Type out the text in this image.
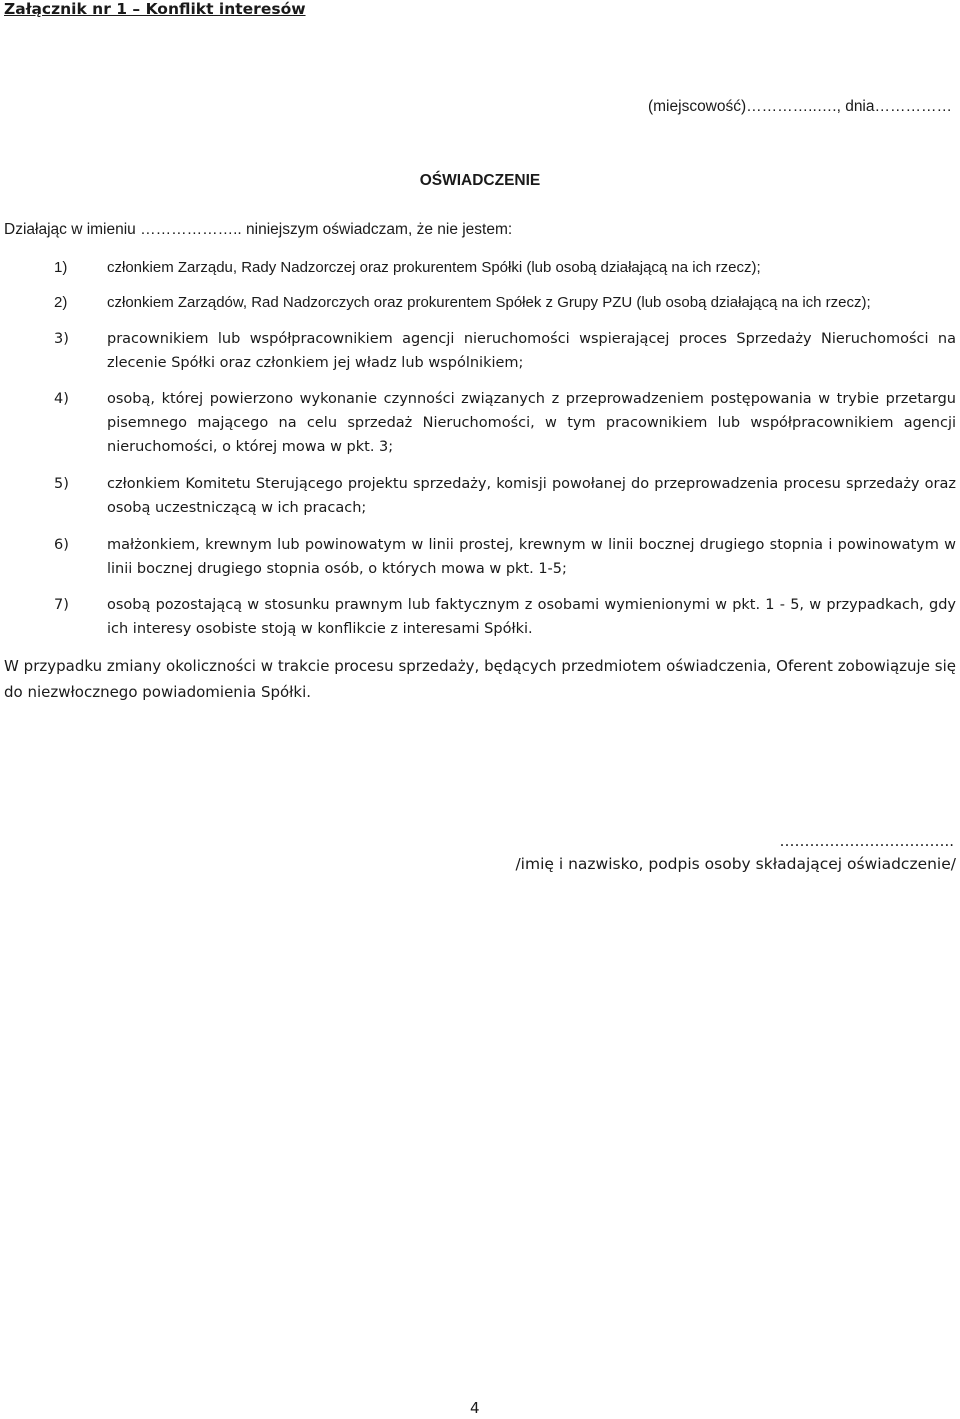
Załącznik nr 1 – Konflikt interesów
(miejscowość)…………..…., dnia……………
OŚWIADCZENIE
Działając w imieniu ……………….. niniejszym oświadczam, że nie jestem:
1)	członkiem Zarządu, Rady Nadzorczej oraz prokurentem Spółki (lub osobą działającą na ich rzecz);
2)	członkiem Zarządów, Rad Nadzorczych oraz prokurentem Spółek z Grupy PZU (lub osobą działającą na ich rzecz);
3)	pracownikiem lub współpracownikiem agencji nieruchomości wspierającej proces Sprzedaży Nieruchomości na zlecenie Spółki oraz członkiem jej władz lub wspólnikiem;
4)	osobą, której powierzono wykonanie czynności związanych z przeprowadzeniem postępowania w trybie przetargu pisemnego mającego na celu sprzedaż Nieruchomości, w tym pracownikiem lub współpracownikiem agencji nieruchomości, o której mowa w pkt. 3;
5)	członkiem Komitetu Sterującego projektu sprzedaży, komisji powołanej do przeprowadzenia procesu sprzedaży oraz osobą uczestniczącą w ich pracach;
6)	małżonkiem, krewnym lub powinowatym w linii prostej, krewnym w linii bocznej drugiego stopnia i powinowatym w linii bocznej drugiego stopnia osób, o których mowa w pkt. 1-5;
7)	osobą pozostającą w stosunku prawnym lub faktycznym z osobami wymienionymi w pkt. 1 - 5, w przypadkach, gdy ich interesy osobiste stoją w konflikcie z interesami Spółki.
W przypadku zmiany okoliczności w trakcie procesu sprzedaży, będących przedmiotem oświadczenia, Oferent zobowiązuje się do niezwłocznego powiadomienia Spółki.
……………………………..
/imię i nazwisko, podpis osoby składającej oświadczenie/
4
